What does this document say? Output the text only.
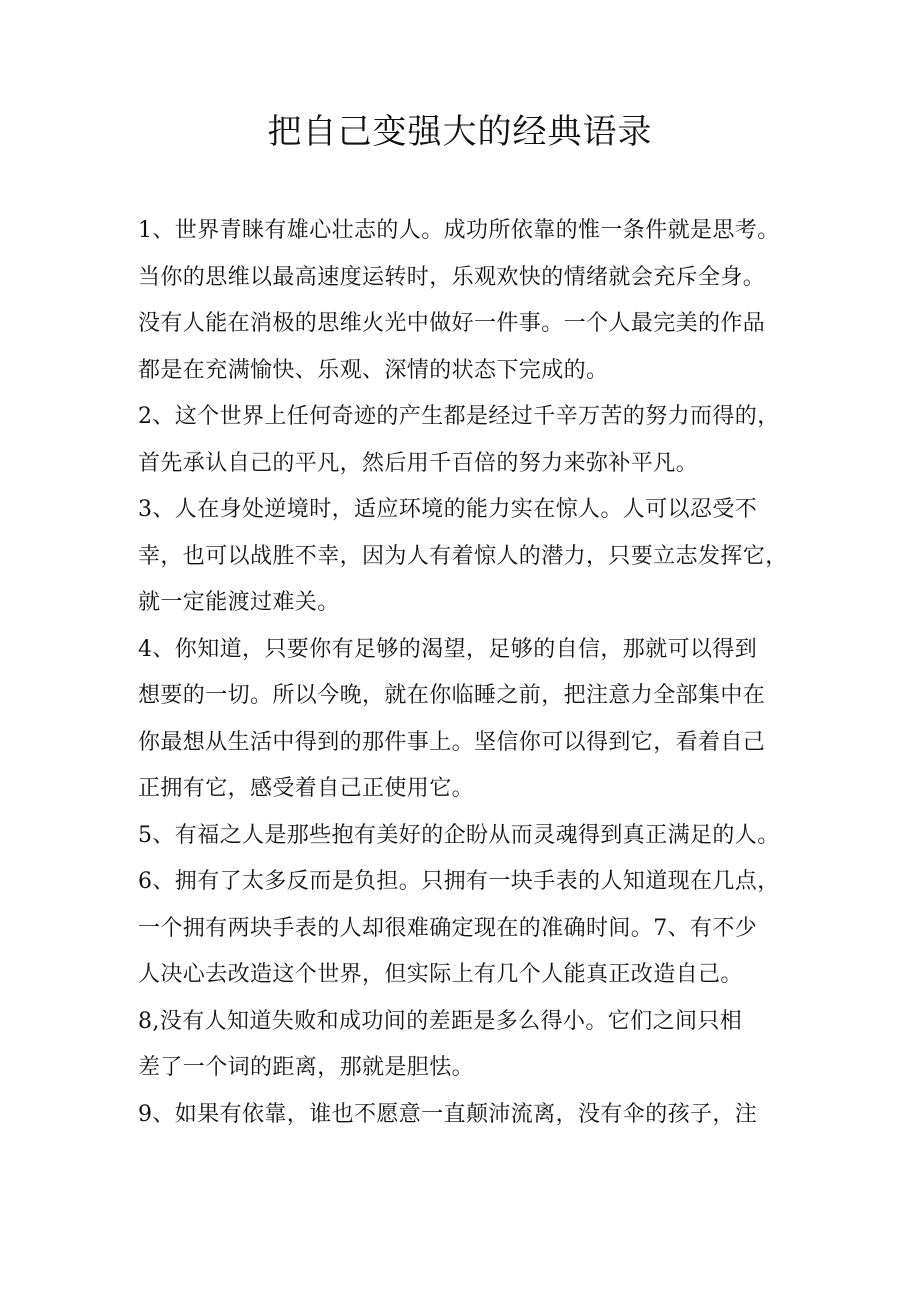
把自己变强大的经典语录
1、世界青睐有雄心壮志的人。成功所依靠的惟一条件就是思考。
当你的思维以最高速度运转时，乐观欢快的情绪就会充斥全身。
没有人能在消极的思维火光中做好一件事。一个人最完美的作品
都是在充满愉快、乐观、深情的状态下完成的。
2、这个世界上任何奇迹的产生都是经过千辛万苦的努力而得的，
首先承认自己的平凡，然后用千百倍的努力来弥补平凡。
3、人在身处逆境时，适应环境的能力实在惊人。人可以忍受不
幸，也可以战胜不幸，因为人有着惊人的潜力，只要立志发挥它，
就一定能渡过难关。
4、你知道，只要你有足够的渴望，足够的自信，那就可以得到
想要的一切。所以今晚，就在你临睡之前，把注意力全部集中在
你最想从生活中得到的那件事上。坚信你可以得到它，看着自己
正拥有它，感受着自己正使用它。
5、有福之人是那些抱有美好的企盼从而灵魂得到真正满足的人。
6、拥有了太多反而是负担。只拥有一块手表的人知道现在几点，
一个拥有两块手表的人却很难确定现在的准确时间。7、有不少
人决心去改造这个世界，但实际上有几个人能真正改造自己。
8,没有人知道失败和成功间的差距是多么得小。它们之间只相
差了一个词的距离，那就是胆怯。
9、如果有依靠，谁也不愿意一直颠沛流离，没有伞的孩子，注
